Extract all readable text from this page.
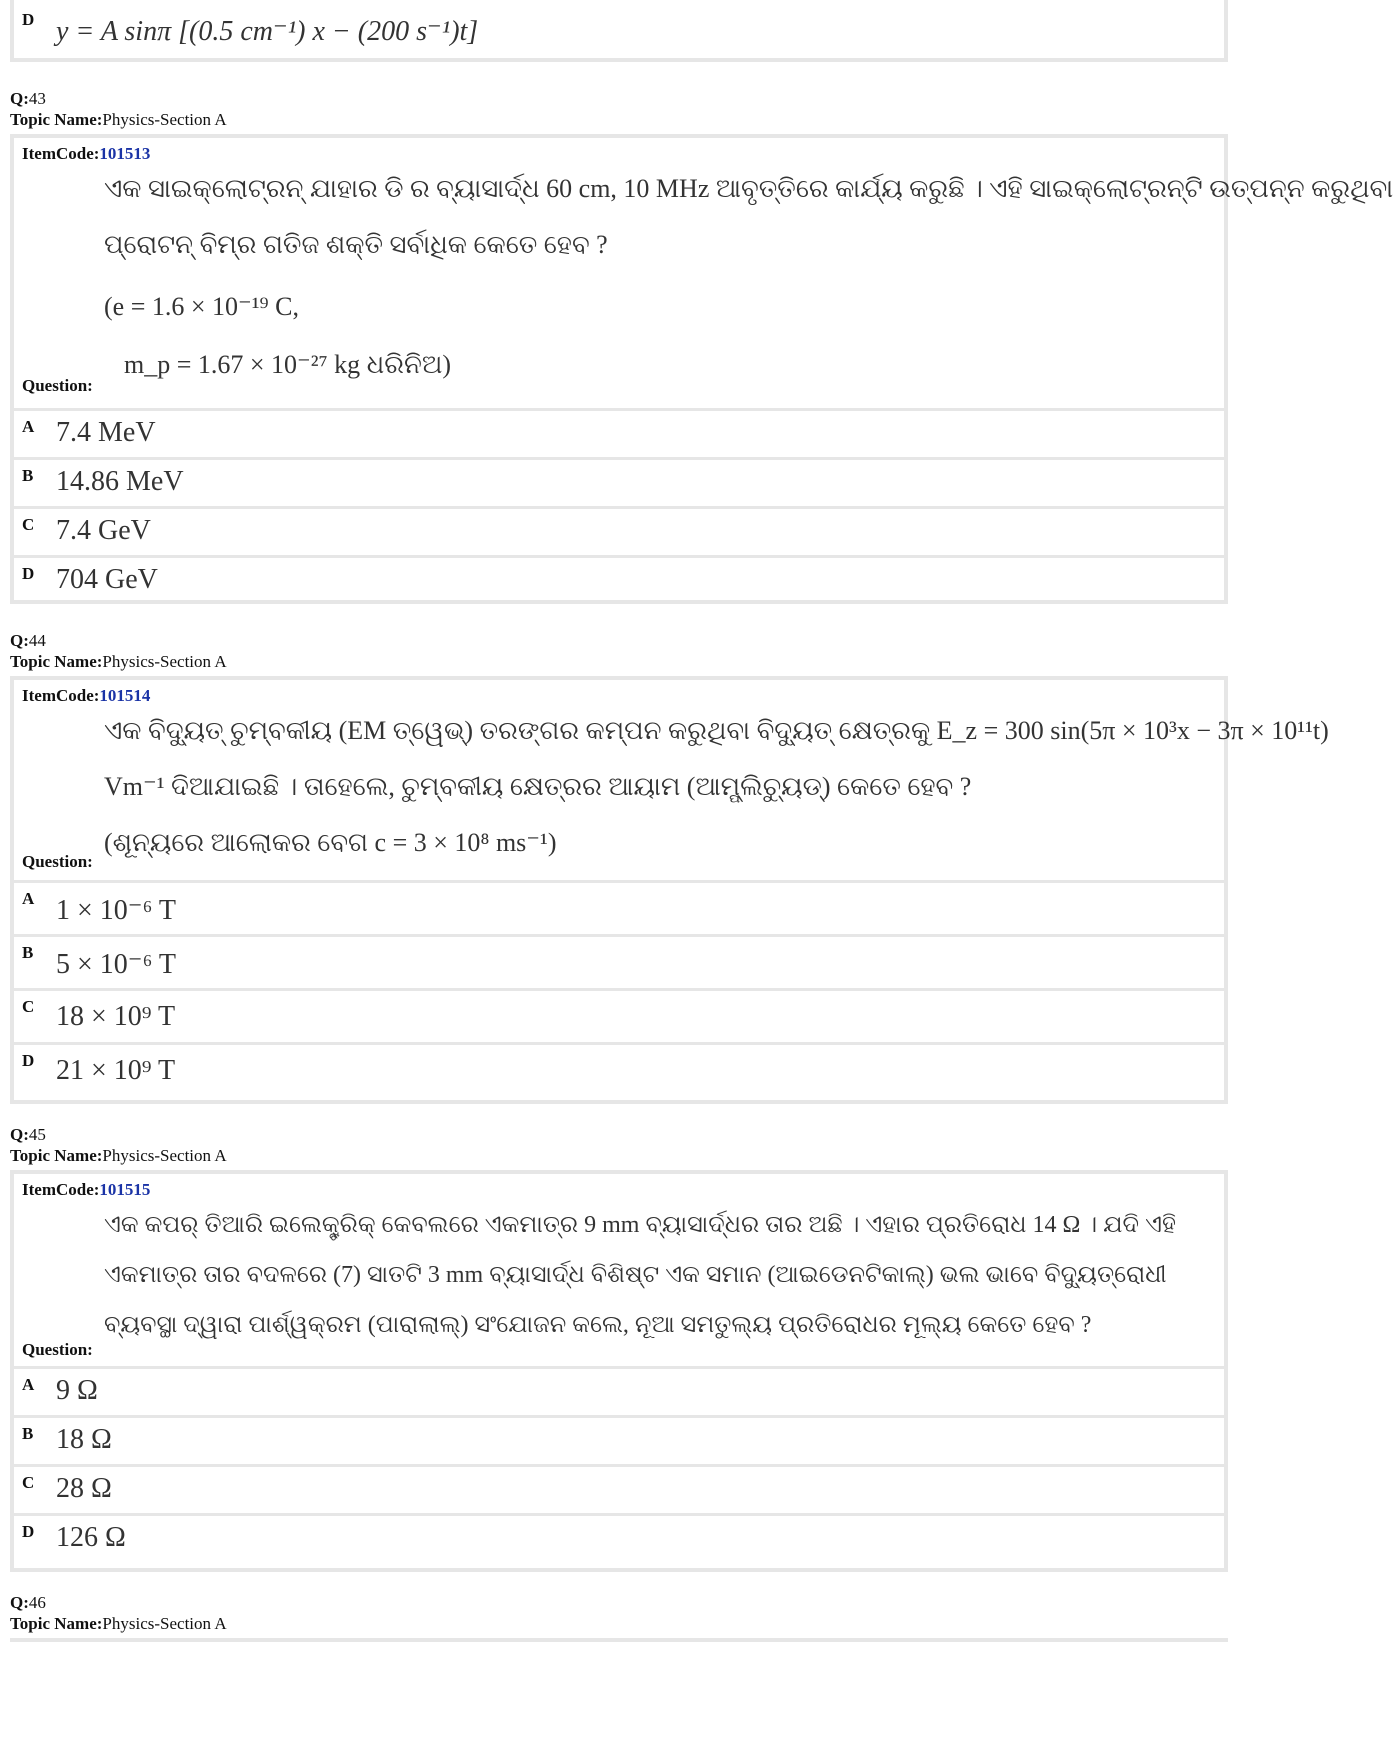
D y = A sinπ [(0.5 cm⁻¹) x − (200 s⁻¹)t]
Q:43
Topic Name:Physics-Section A
ItemCode:101513
ଏକ ସାଇକ୍ଲୋଟ୍ରନ୍ ଯାହାର ଡି ର ବ୍ୟାସାର୍ଦ୍ଧ 60 cm, 10 MHz ଆବୃତ୍ତିରେ କାର୍ଯ୍ୟ କରୁଛି । ଏହି ସାଇକ୍ଲୋଟ୍ରନ୍‌ଟି ଉତ୍ପନ୍ନ କରୁଥିବା
ପ୍ରୋଟନ୍ ବିମ୍‌ର ଗତିଜ ଶକ୍ତି ସର୍ବାଧିକ କେତେ ହେବ ?
(e = 1.6 × 10⁻¹⁹ C,
m_p = 1.67 × 10⁻²⁷ kg ଧରିନିଅ)
Question:
A 7.4 MeV
B 14.86 MeV
C 7.4 GeV
D 704 GeV
Q:44
Topic Name:Physics-Section A
ItemCode:101514
ଏକ ବିଦ୍ୟୁତ୍ ଚୁମ୍ବକୀୟ (EM ତ୍ୱେଭ୍) ତରଙ୍ଗର କମ୍ପନ କରୁଥିବା ବିଦ୍ୟୁତ୍ କ୍ଷେତ୍ରକୁ E_z = 300 sin(5π × 10³x − 3π × 10¹¹t)
Vm⁻¹ ଦିଆଯାଇଛି । ତାହେଲେ, ଚୁମ୍ବକୀୟ କ୍ଷେତ୍ରର ଆୟାମ (ଆମ୍ପ୍ଲିଚ୍ୟୁଡ୍) କେତେ ହେବ ?
(ଶୂନ୍ୟରେ ଆଲୋକର ବେଗ c = 3 × 10⁸ ms⁻¹)
Question:
A 1 × 10⁻⁶ T
B 5 × 10⁻⁶ T
C 18 × 10⁹ T
D 21 × 10⁹ T
Q:45
Topic Name:Physics-Section A
ItemCode:101515
ଏକ କପର୍ ତିଆରି ଇଲେକ୍ଟ୍ରିକ୍ କେବଲରେ ଏକମାତ୍ର 9 mm ବ୍ୟାସାର୍ଦ୍ଧର ତାର ଅଛି । ଏହାର ପ୍ରତିରୋଧ 14 Ω । ଯଦି ଏହି
ଏକମାତ୍ର ତାର ବଦଳରେ (7) ସାତଟି 3 mm ବ୍ୟାସାର୍ଦ୍ଧ ବିଶିଷ୍ଟ ଏକ ସମାନ (ଆଇଡେନଟିକାଲ୍) ଭଲ ଭାବେ ବିଦ୍ୟୁତ୍‌ରୋଧୀ
ବ୍ୟବସ୍ଥା ଦ୍ୱାରା ପାର୍ଶ୍ୱକ୍ରମ (ପାରାଲାଲ୍) ସଂଯୋଜନ କଲେ, ନୂଆ ସମତୁଲ୍ୟ ପ୍ରତିରୋଧର ମୂଲ୍ୟ କେତେ ହେବ ?
Question:
A 9 Ω
B 18 Ω
C 28 Ω
D 126 Ω
Q:46
Topic Name:Physics-Section A
